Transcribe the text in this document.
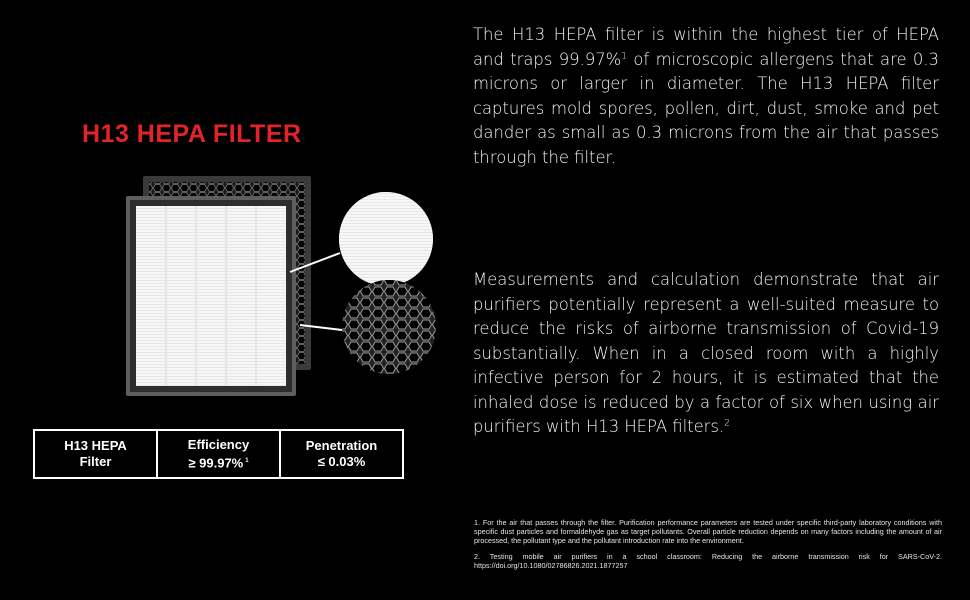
H13 HEPA FILTER
H13 HEPA
Filter
Efficiency
≥ 99.97% $^1$
Penetration
≤ 0.03%

The H13 HEPA filter is within the highest tier of HEPA and traps 99.97%$^1$ of microscopic allergens that are 0.3 microns or larger in diameter. The H13 HEPA filter captures mold spores, pollen, dirt, dust, smoke and pet dander as small as 0.3 microns from the air that passes through the filter.

Measurements and calculation demonstrate that air purifiers potentially represent a well-suited measure to reduce the risks of airborne transmission of Covid-19 substantially. When in a closed room with a highly infective person for 2 hours, it is estimated that the inhaled dose is reduced by a factor of six when using air purifiers with H13 HEPA filters.$^2$

1. For the air that passes through the filter. Purification performance parameters are tested under specific third-party laboratory conditions with specific dust particles and formaldehyde gas as target pollutants. Overall particle reduction depends on many factors including the amount of air processed, the pollutant type and the pollutant introduction rate into the environment.

2. Testing mobile air purifiers in a school classroom: Reducing the airborne transmission risk for SARS-CoV-2. https://doi.org/10.1080/02786826.2021.1877257
